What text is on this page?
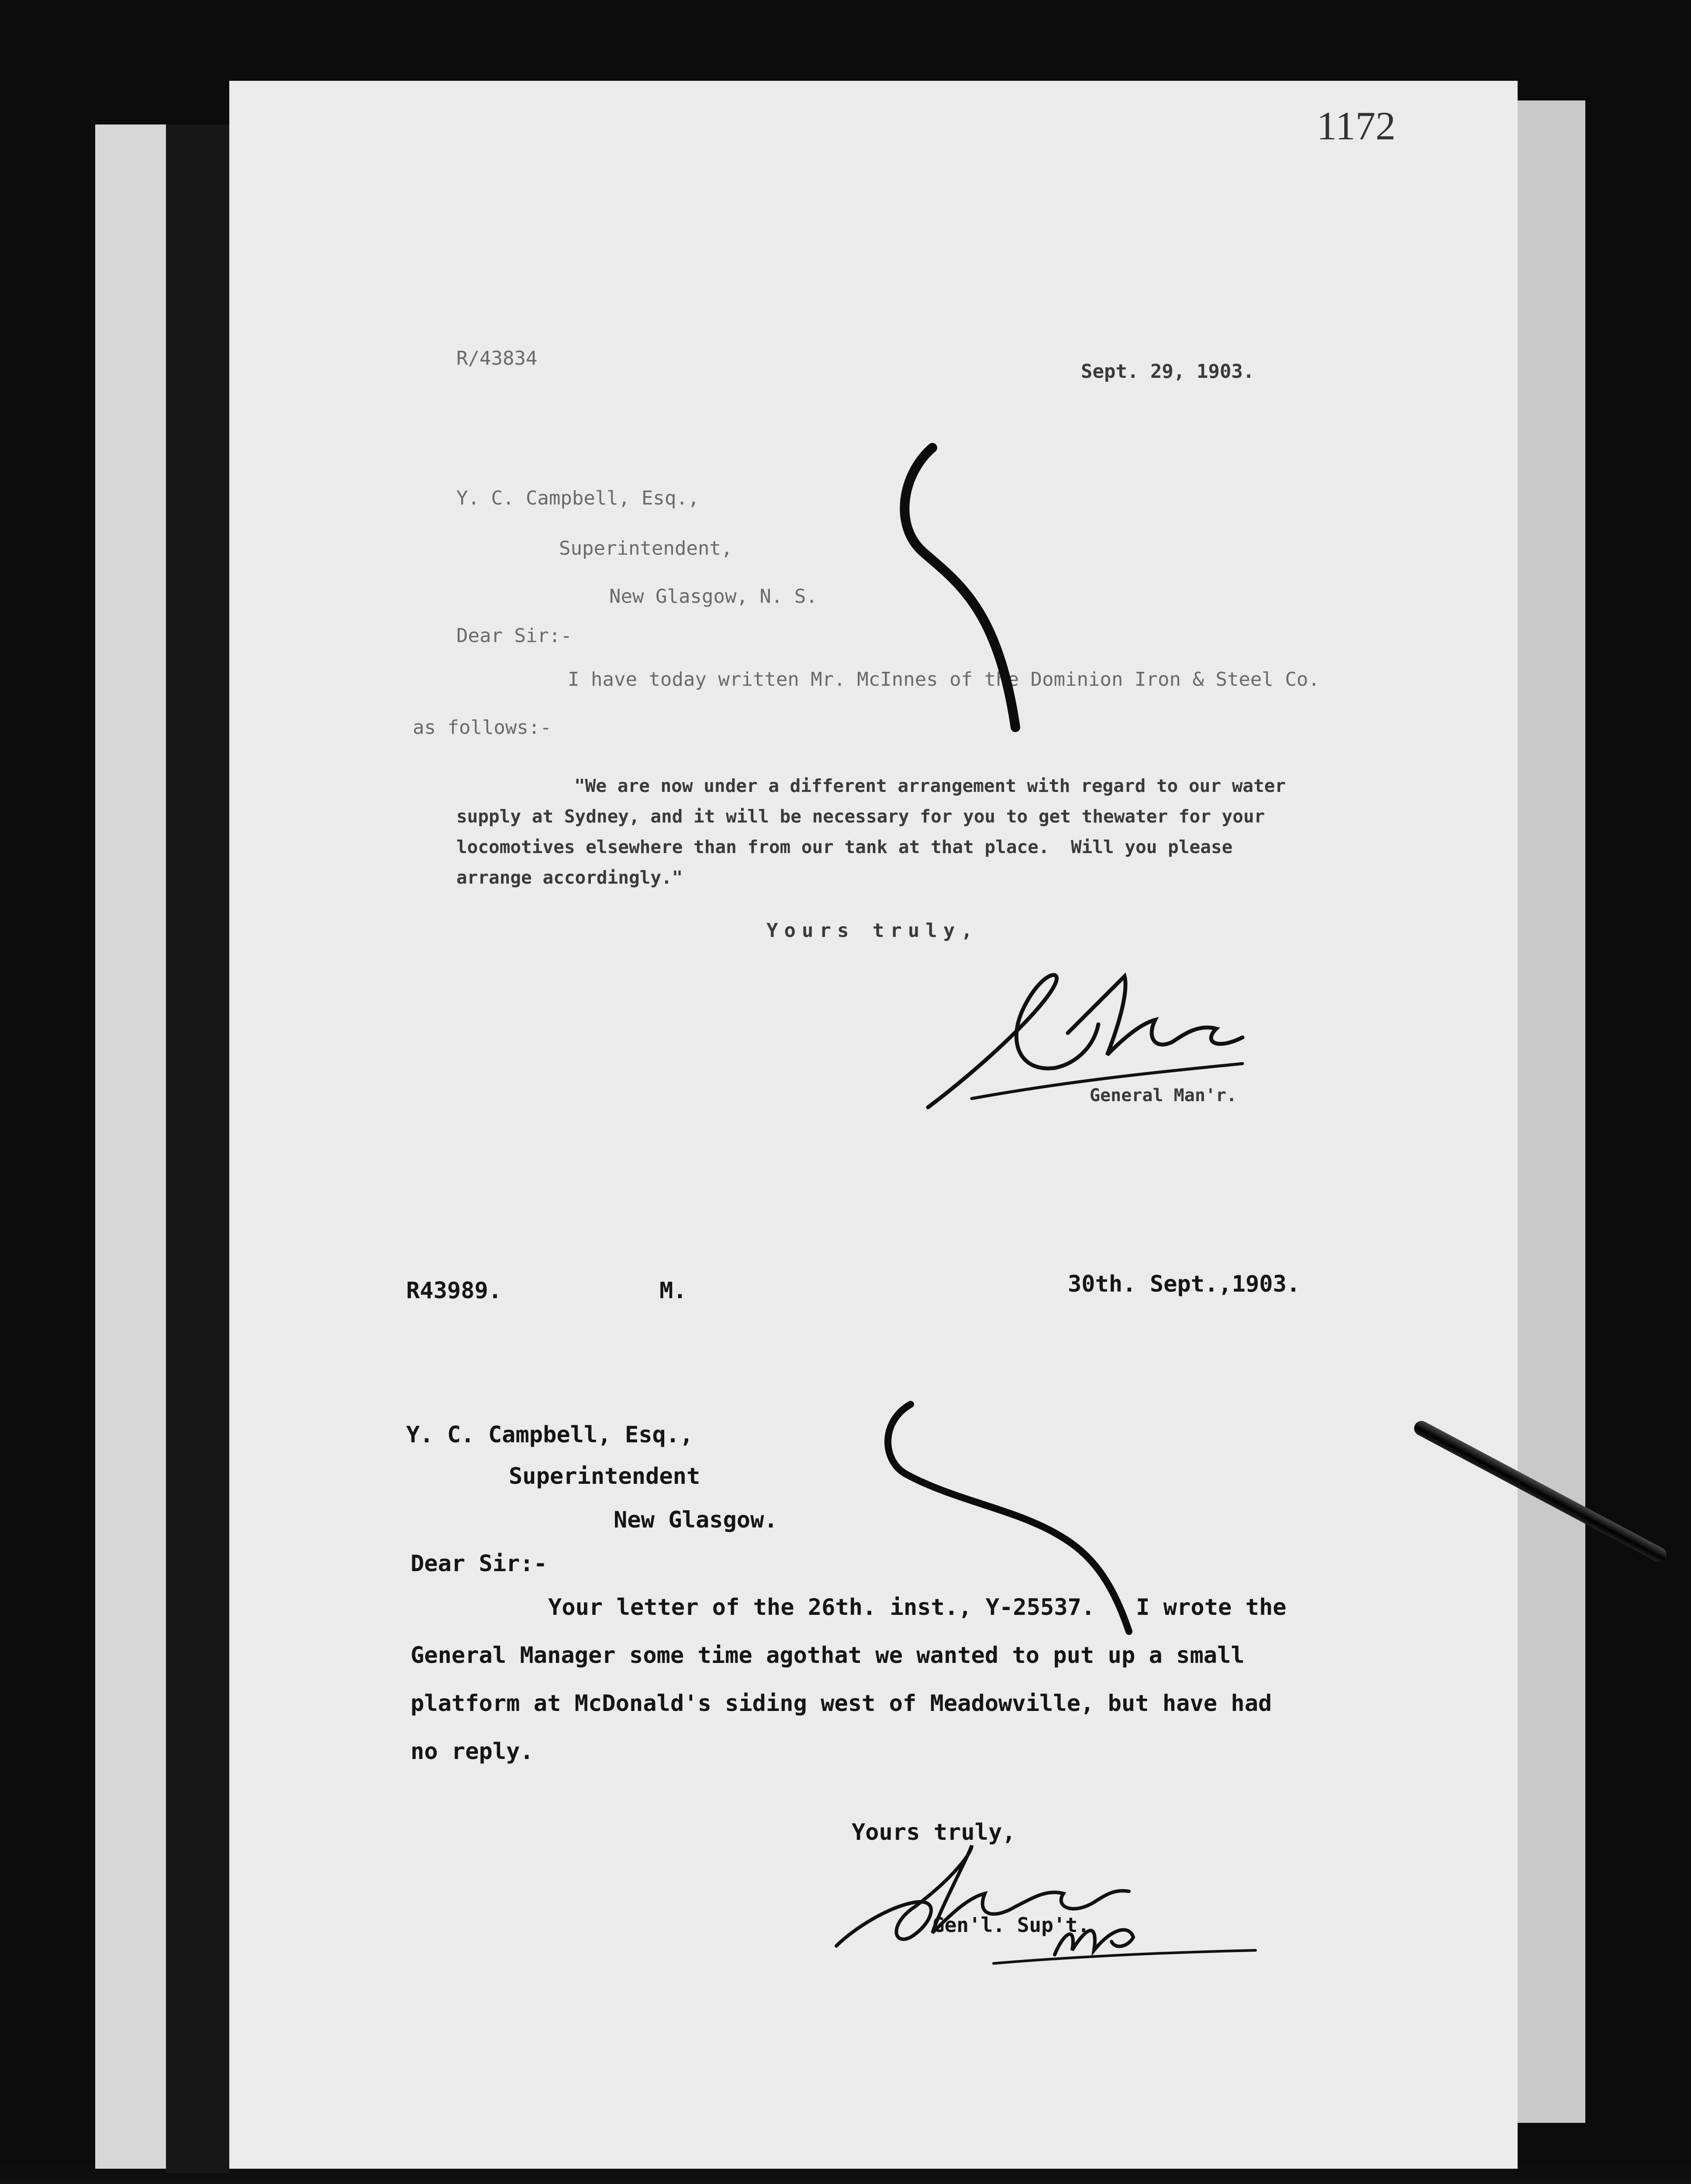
1172
R/43834
Sept. 29, 1903.
Y. C. Campbell, Esq.,
Superintendent,
New Glasgow, N. S.
Dear Sir:-
I have today written Mr. McInnes of the Dominion Iron & Steel Co.
as follows:-
"We are now under a different arrangement with regard to our water
supply at Sydney, and it will be necessary for you to get thewater for your
locomotives elsewhere than from our tank at that place.  Will you please
arrange accordingly."
Yours truly,
General Man'r.
R43989.	M.	30th. Sept.,1903.
Y. C. Campbell, Esq.,
Superintendent
New Glasgow.
Dear Sir:-
Your letter of the 26th. inst., Y-25537.   I wrote the
General Manager some time agothat we wanted to put up a small
platform at McDonald's siding west of Meadowville, but have had
no reply.
Yours truly,
Gen'l. Sup't.
